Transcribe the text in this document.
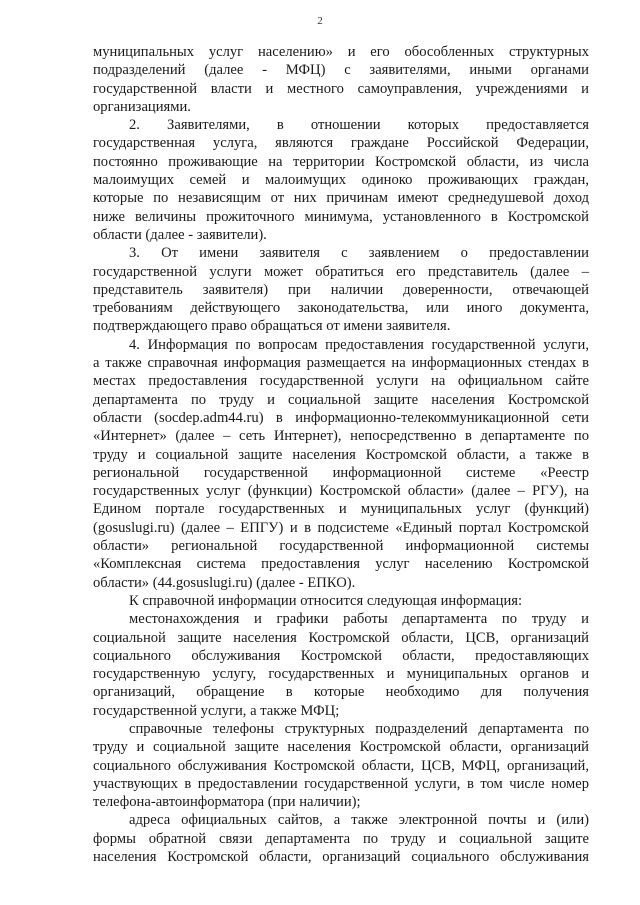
2
муниципальных услуг населению» и его обособленных структурных
подразделений (далее - МФЦ) с заявителями, иными органами
государственной власти и местного самоуправления, учреждениями и
организациями.
2. Заявителями, в отношении которых предоставляется
государственная услуга, являются граждане Российской Федерации,
постоянно проживающие на территории Костромской области, из числа
малоимущих семей и малоимущих одиноко проживающих граждан,
которые по независящим от них причинам имеют среднедушевой доход
ниже величины прожиточного минимума, установленного в Костромской
области (далее - заявители).
3. От имени заявителя с заявлением о предоставлении
государственной услуги может обратиться его представитель (далее –
представитель заявителя) при наличии доверенности, отвечающей
требованиям действующего законодательства, или иного документа,
подтверждающего право обращаться от имени заявителя.
4. Информация по вопросам предоставления государственной услуги,
а также справочная информация размещается на информационных стендах в
местах предоставления государственной услуги на официальном сайте
департамента по труду и социальной защите населения Костромской
области (socdep.adm44.ru) в информационно-телекоммуникационной сети
«Интернет» (далее – сеть Интернет), непосредственно в департаменте по
труду и социальной защите населения Костромской области, а также в
региональной государственной информационной системе «Реестр
государственных услуг (функции) Костромской области» (далее – РГУ), на
Едином портале государственных и муниципальных услуг (функций)
(gosuslugi.ru) (далее – ЕПГУ) и в подсистеме «Единый портал Костромской
области» региональной государственной информационной системы
«Комплексная система предоставления услуг населению Костромской
области» (44.gosuslugi.ru) (далее - ЕПКО).
К справочной информации относится следующая информация:
местонахождения и графики работы департамента по труду и
социальной защите населения Костромской области, ЦСВ, организаций
социального обслуживания Костромской области, предоставляющих
государственную услугу, государственных и муниципальных органов и
организаций, обращение в которые необходимо для получения
государственной услуги, а также МФЦ;
справочные телефоны структурных подразделений департамента по
труду и социальной защите населения Костромской области, организаций
социального обслуживания Костромской области, ЦСВ, МФЦ, организаций,
участвующих в предоставлении государственной услуги, в том числе номер
телефона-автоинформатора (при наличии);
адреса официальных сайтов, а также электронной почты и (или)
формы обратной связи департамента по труду и социальной защите
населения Костромской области, организаций социального обслуживания
